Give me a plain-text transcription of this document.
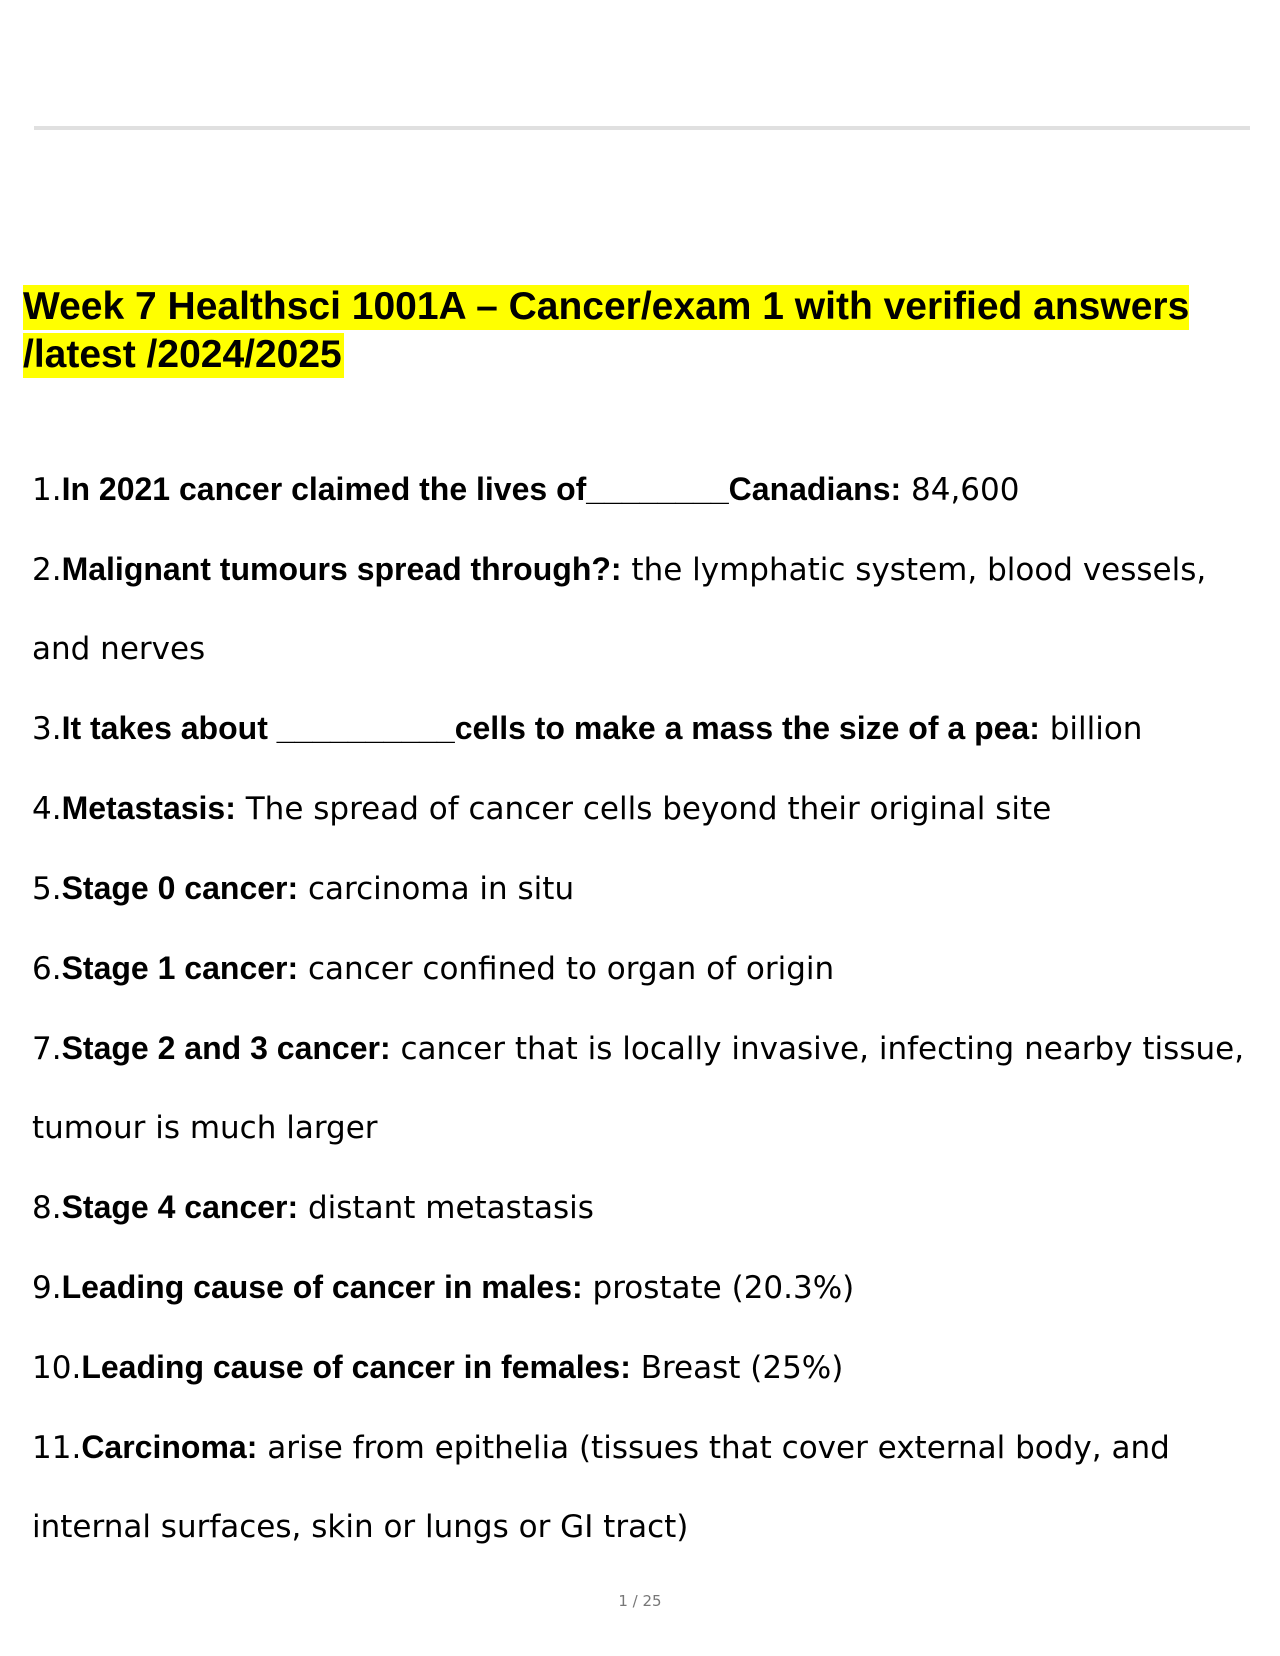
Week 7 Healthsci 1001A – Cancer/exam 1 with verified answers /latest /2024/2025
1.In 2021 cancer claimed the lives of________Canadians: 84,600
2.Malignant tumours spread through?: the lymphatic system, blood vessels, and nerves
3.It takes about __________cells to make a mass the size of a pea: billion
4.Metastasis: The spread of cancer cells beyond their original site
5.Stage 0 cancer: carcinoma in situ
6.Stage 1 cancer: cancer confined to organ of origin
7.Stage 2 and 3 cancer: cancer that is locally invasive, infecting nearby tissue, tumour is much larger
8.Stage 4 cancer: distant metastasis
9.Leading cause of cancer in males: prostate (20.3%)
10.Leading cause of cancer in females: Breast (25%)
11.Carcinoma: arise from epithelia (tissues that cover external body, and internal surfaces, skin or lungs or GI tract)
1 / 25
